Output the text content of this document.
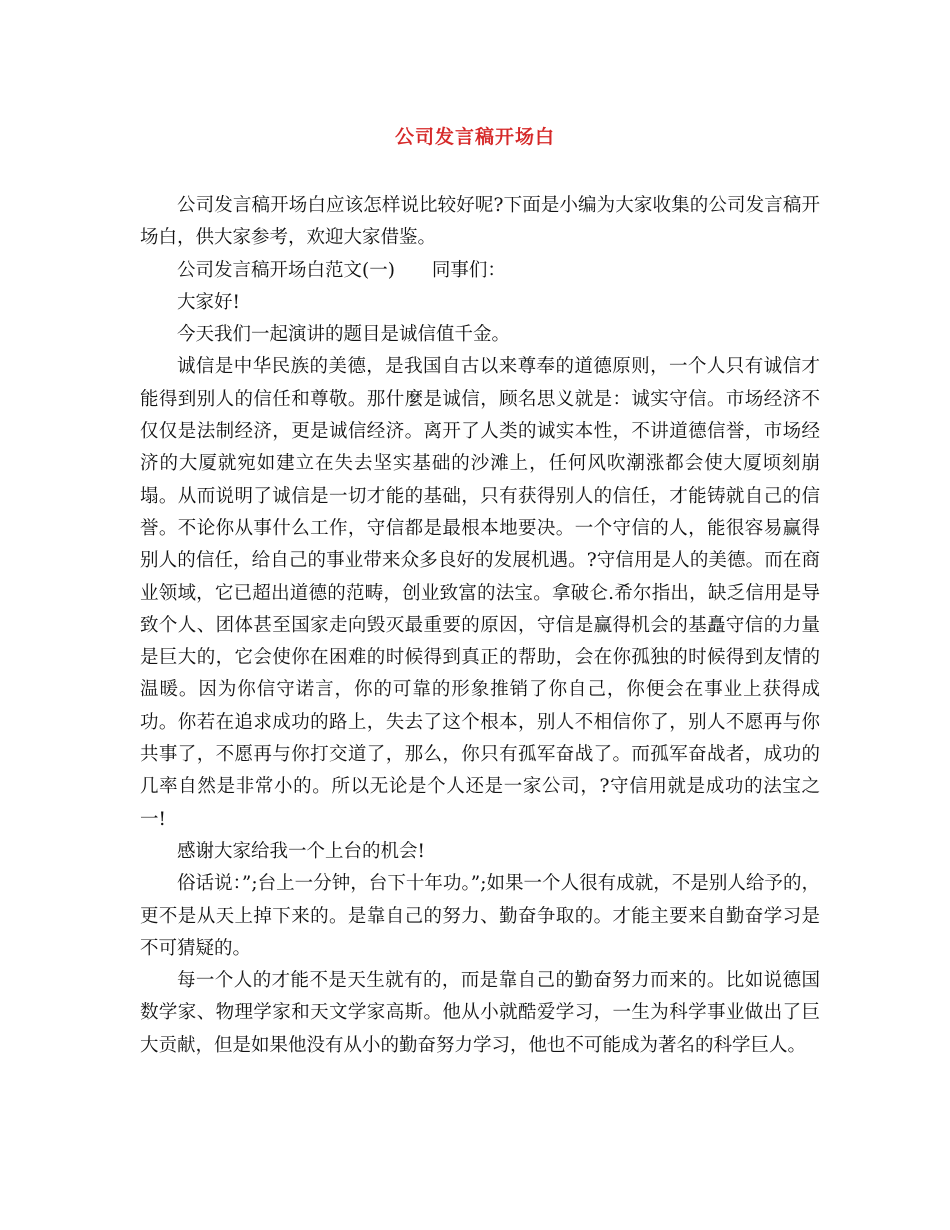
公司发言稿开场白

公司发言稿开场白应该怎样说比较好呢?下面是小编为大家收集的公司发言稿开场白，供大家参考，欢迎大家借鉴。

公司发言稿开场白范文(一)　　同事们：

大家好!

今天我们一起演讲的题目是诚信值千金。

诚信是中华民族的美德，是我国自古以来尊奉的道德原则，一个人只有诚信才能得到别人的信任和尊敬。那什麼是诚信，顾名思义就是：诚实守信。市场经济不仅仅是法制经济，更是诚信经济。离开了人类的诚实本性，不讲道德信誉，市场经济的大厦就宛如建立在失去坚实基础的沙滩上，任何风吹潮涨都会使大厦顷刻崩塌。从而说明了诚信是一切才能的基础，只有获得别人的信任，才能铸就自己的信誉。不论你从事什么工作，守信都是最根本地要决。一个守信的人，能很容易赢得别人的信任，给自己的事业带来众多良好的发展机遇。?守信用是人的美德。而在商业领域，它已超出道德的范畴，创业致富的法宝。拿破仑.希尔指出，缺乏信用是导致个人、团体甚至国家走向毁灭最重要的原因，守信是赢得机会的基矗守信的力量是巨大的，它会使你在困难的时候得到真正的帮助，会在你孤独的时候得到友情的温暖。因为你信守诺言，你的可靠的形象推销了你自己，你便会在事业上获得成功。你若在追求成功的路上，失去了这个根本，别人不相信你了，别人不愿再与你共事了，不愿再与你打交道了，那么，你只有孤军奋战了。而孤军奋战者，成功的几率自然是非常小的。所以无论是个人还是一家公司，?守信用就是成功的法宝之一!

感谢大家给我一个上台的机会!

俗话说：”;台上一分钟，台下十年功。”;如果一个人很有成就，不是别人给予的，更不是从天上掉下来的。是靠自己的努力、勤奋争取的。才能主要来自勤奋学习是不可猜疑的。

每一个人的才能不是天生就有的，而是靠自己的勤奋努力而来的。比如说德国数学家、物理学家和天文学家高斯。他从小就酷爱学习，一生为科学事业做出了巨大贡献，但是如果他没有从小的勤奋努力学习，他也不可能成为著名的科学巨人。
